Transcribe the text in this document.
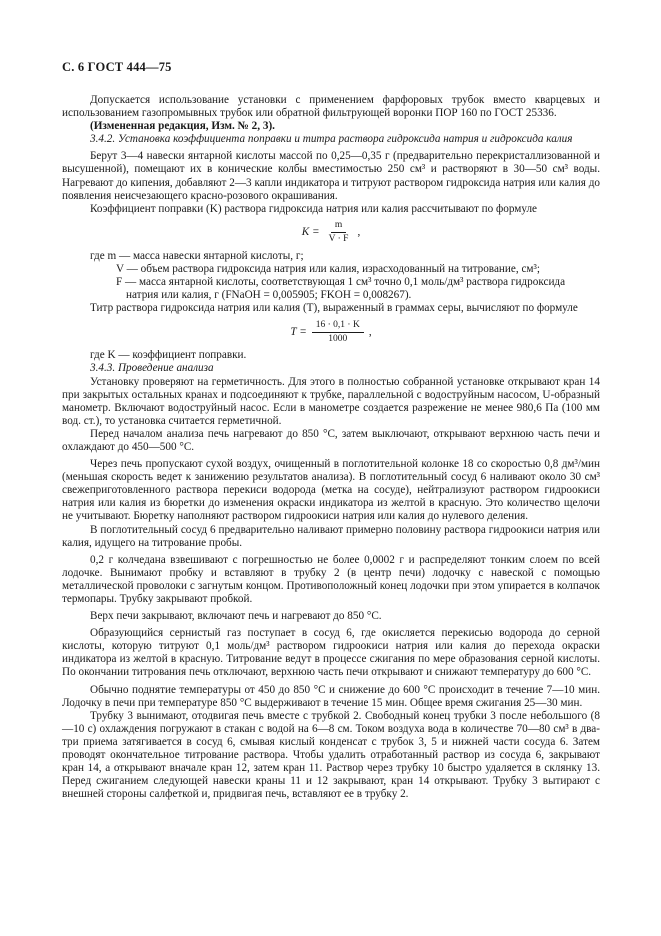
С. 6 ГОСТ 444—75

Допускается использование установки с применением фарфоровых трубок вместо кварцевых и использованием газопромывных трубок или обратной фильтрующей воронки ПОР 160 по ГОСТ 25336.

(Измененная редакция, Изм. № 2, 3).

3.4.2. Установка коэффициента поправки и титра раствора гидроксида натрия и гидроксида калия

Берут 3—4 навески янтарной кислоты массой по 0,25—0,35 г (предварительно перекристаллизованной и высушенной), помещают их в конические колбы вместимостью 250 см³ и растворяют в 30—50 см³ воды. Нагревают до кипения, добавляют 2—3 капли индикатора и титруют раствором гидроксида натрия или калия до появления неисчезающего красно-розового окрашивания.

Коэффициент поправки (K) раствора гидроксида натрия или калия рассчитывают по формуле

$K = \frac{m}{V \cdot F}$ ,

где m — масса навески янтарной кислоты, г;

V — объем раствора гидроксида натрия или калия, израсходованный на титрование, см³;

F — масса янтарной кислоты, соответствующая 1 см³ точно 0,1 моль/дм³ раствора гидроксида

натрия или калия, г (FNaOH = 0,005905; FKOH = 0,008267).

Титр раствора гидроксида натрия или калия (T), выраженный в граммах серы, вычисляют по формуле

$T = \frac{16 \cdot 0,1 \cdot K}{1000}$ ,

где K — коэффициент поправки.

3.4.3. Проведение анализа

Установку проверяют на герметичность. Для этого в полностью собранной установке открывают кран 14 при закрытых остальных кранах и подсоединяют к трубке, параллельной с водоструйным насосом, U-образный манометр. Включают водоструйный насос. Если в манометре создается разрежение не менее 980,6 Па (100 мм вод. ст.), то установка считается герметичной.

Перед началом анализа печь нагревают до 850 °С, затем выключают, открывают верхнюю часть печи и охлаждают до 450—500 °С.

Через печь пропускают сухой воздух, очищенный в поглотительной колонке 18 со скоростью 0,8 дм³/мин (меньшая скорость ведет к занижению результатов анализа). В поглотительный сосуд 6 наливают около 30 см³ свежеприготовленного раствора перекиси водорода (метка на сосуде), нейтрализуют раствором гидроокиси натрия или калия из бюретки до изменения окраски индикатора из желтой в красную. Это количество щелочи не учитывают. Бюретку наполняют раствором гидроокиси натрия или калия до нулевого деления.

В поглотительный сосуд 6 предварительно наливают примерно половину раствора гидроокиси натрия или калия, идущего на титрование пробы.

0,2 г колчедана взвешивают с погрешностью не более 0,0002 г и распределяют тонким слоем по всей лодочке. Вынимают пробку и вставляют в трубку 2 (в центр печи) лодочку с навеской с помощью металлической проволоки с загнутым концом. Противоположный конец лодочки при этом упирается в колпачок термопары. Трубку закрывают пробкой.

Верх печи закрывают, включают печь и нагревают до 850 °С.

Образующийся сернистый газ поступает в сосуд 6, где окисляется перекисью водорода до серной кислоты, которую титруют 0,1 моль/дм³ раствором гидроокиси натрия или калия до перехода окраски индикатора из желтой в красную. Титрование ведут в процессе сжигания по мере образования серной кислоты. По окончании титрования печь отключают, верхнюю часть печи открывают и снижают температуру до 600 °С.

Обычно поднятие температуры от 450 до 850 °С и снижение до 600 °С происходит в течение 7—10 мин. Лодочку в печи при температуре 850 °С выдерживают в течение 15 мин. Общее время сжигания 25—30 мин.

Трубку 3 вынимают, отодвигая печь вместе с трубкой 2. Свободный конец трубки 3 после небольшого (8—10 с) охлаждения погружают в стакан с водой на 6—8 см. Током воздуха вода в количестве 70—80 см³ в два-три приема затягивается в сосуд 6, смывая кислый конденсат с трубок 3, 5 и нижней части сосуда 6. Затем проводят окончательное титрование раствора. Чтобы удалить отработанный раствор из сосуда 6, закрывают кран 14, а открывают вначале кран 12, затем кран 11. Раствор через трубку 10 быстро удаляется в склянку 13. Перед сжиганием следующей навески краны 11 и 12 закрывают, кран 14 открывают. Трубку 3 вытирают с внешней стороны салфеткой и, придвигая печь, вставляют ее в трубку 2.
